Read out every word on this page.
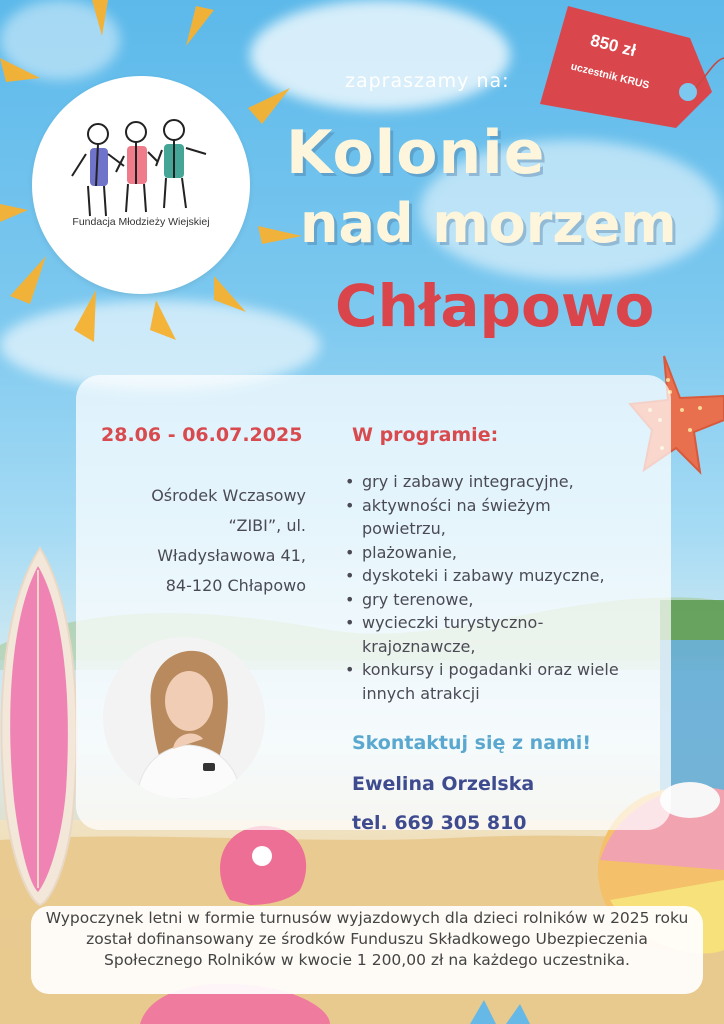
Fundacja Młodzieży Wiejskiej
850 zł
uczestnik KRUS
zapraszamy na:
Kolonie
nad morzem
Chłapowo
28.06 - 06.07.2025
Ośrodek Wczasowy
“ZIBI”, ul.
Władysławowa 41,
84-120 Chłapowo
W programie:
• gry i zabawy integracyjne,
• aktywności na świeżym powietrzu,
• plażowanie,
• dyskoteki i zabawy muzyczne,
• gry terenowe,
• wycieczki turystyczno-krajoznawcze,
• konkursy i pogadanki oraz wiele innych atrakcji
Skontaktuj się z nami!
Ewelina Orzelska
tel. 669 305 810
Wypoczynek letni w formie turnusów wyjazdowych dla dzieci rolników w 2025 roku został dofinansowany ze środków Funduszu Składkowego Ubezpieczenia Społecznego Rolników w kwocie 1 200,00 zł na każdego uczestnika.
